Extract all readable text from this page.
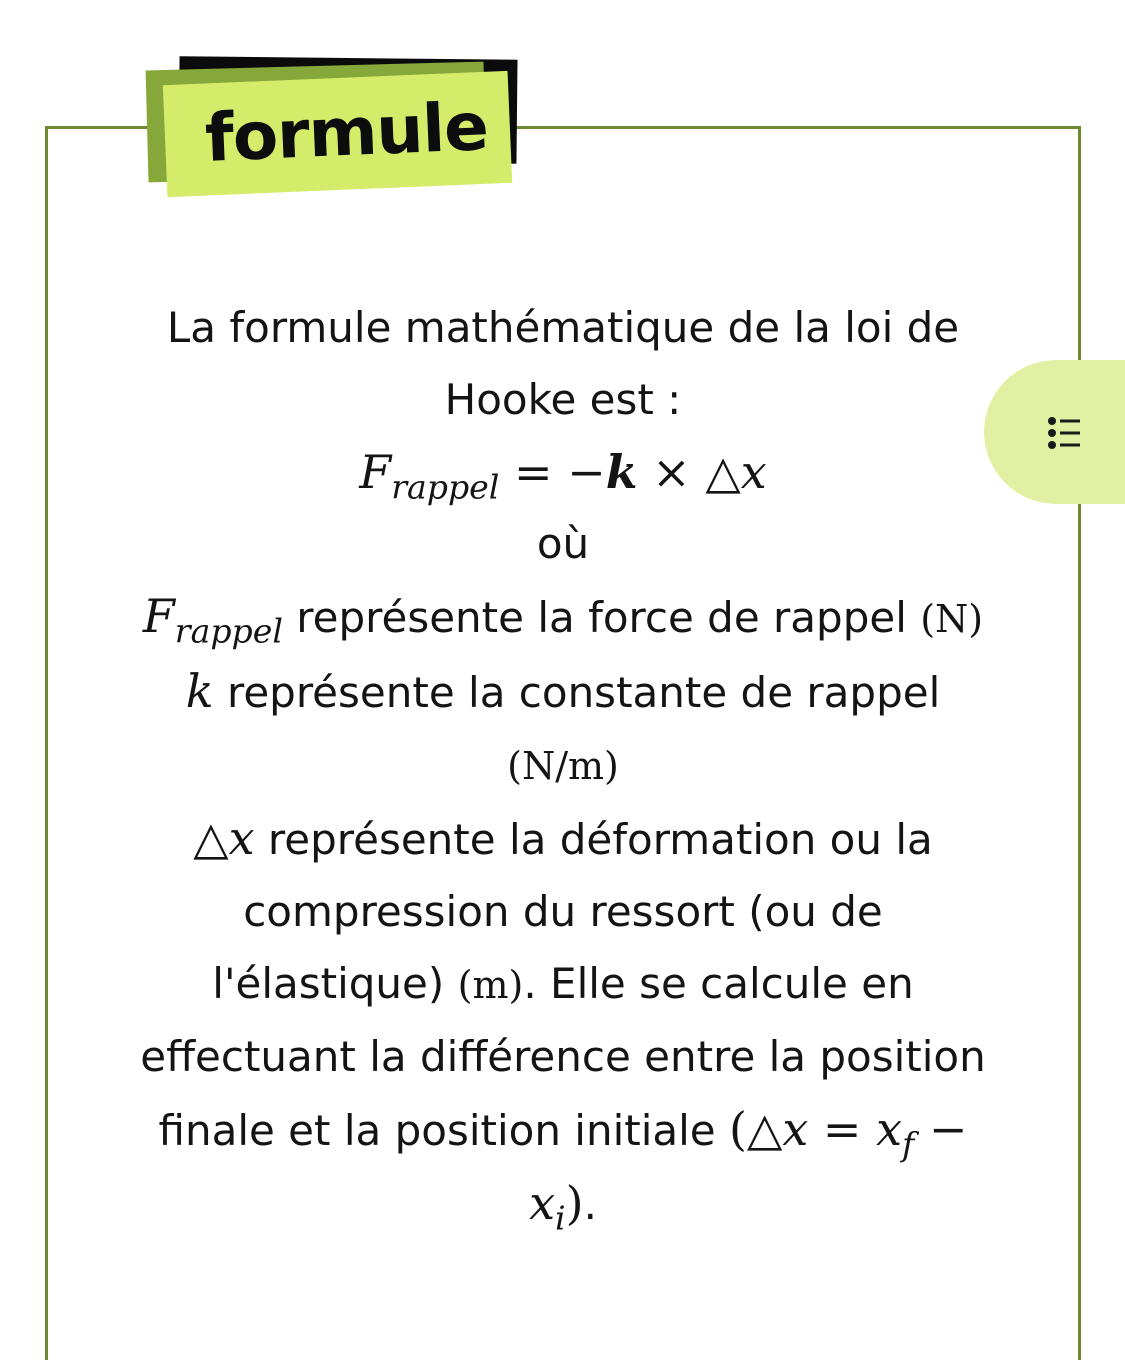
formule

La formule mathématique de la loi de Hooke est :

$F_{rappel} = -k$ × △x

où

$F_{rappel}$ représente la force de rappel (N)

k représente la constante de rappel (N/m)

△x représente la déformation ou la compression du ressort (ou de l'élastique) (m). Elle se calcule en effectuant la différence entre la position finale et la position initiale (△x = $x_f - x_i$).
